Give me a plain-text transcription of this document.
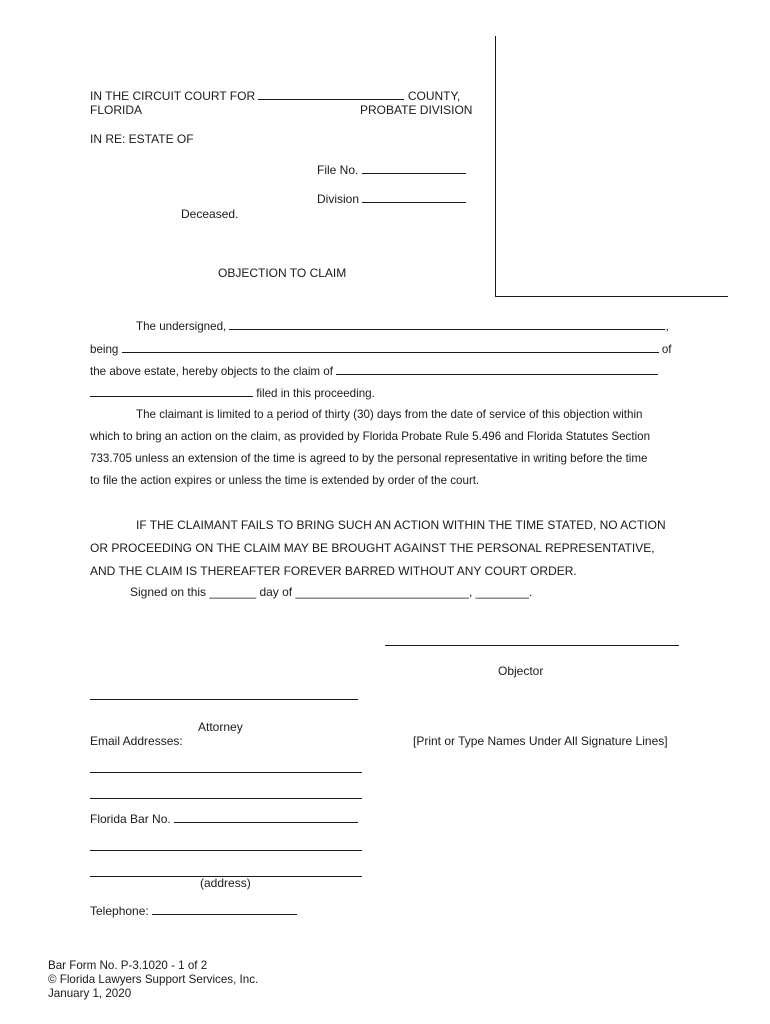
IN THE CIRCUIT COURT FOR	COUNTY,
FLORIDA	PROBATE DIVISION
IN RE: ESTATE OF
File No.
Division
Deceased.
OBJECTION TO CLAIM
The undersigned,	,
being	of
the above estate, hereby objects to the claim of
filed in this proceeding.
The claimant is limited to a period of thirty (30) days from the date of service of this objection within
which to bring an action on the claim, as provided by Florida Probate Rule 5.496 and Florida Statutes Section
733.705 unless an extension of the time is agreed to by the personal representative in writing before the time
to file the action expires or unless the time is extended by order of the court.
IF THE CLAIMANT FAILS TO BRING SUCH AN ACTION WITHIN THE TIME STATED, NO ACTION
OR PROCEEDING ON THE CLAIM MAY BE BROUGHT AGAINST THE PERSONAL REPRESENTATIVE,
AND THE CLAIM IS THEREAFTER FOREVER BARRED WITHOUT ANY COURT ORDER.
Signed on this _______ day of __________________________, ________.
Objector
Attorney
Email Addresses:	[Print or Type Names Under All Signature Lines]
Florida Bar No.
(address)
Telephone:
Bar Form No. P-3.1020 - 1 of 2
© Florida Lawyers Support Services, Inc.
January 1, 2020
